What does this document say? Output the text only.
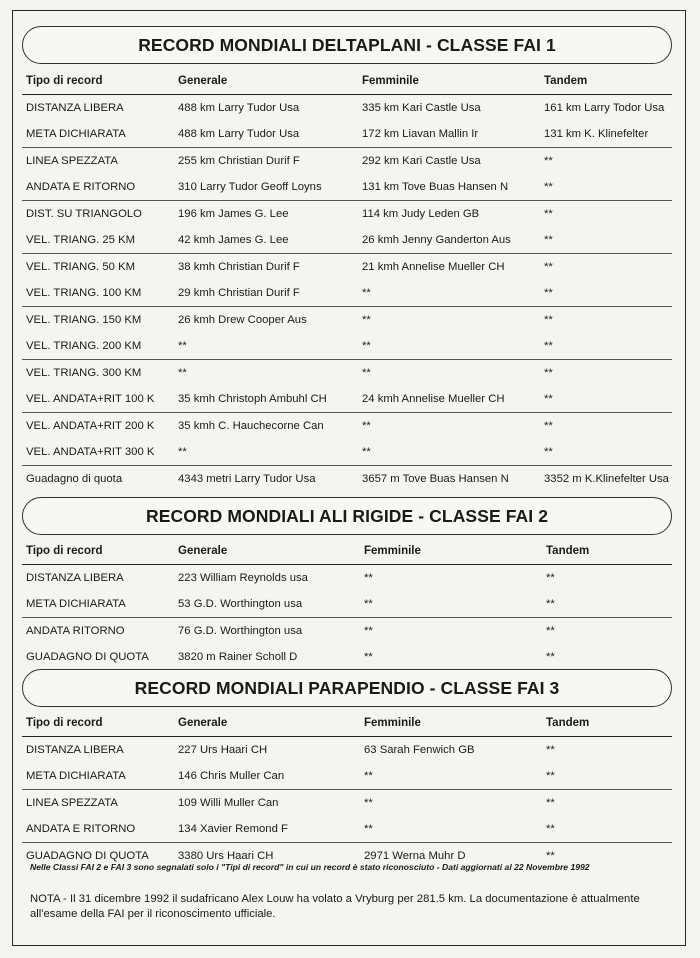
RECORD MONDIALI DELTAPLANI - CLASSE FAI 1
Tipo di record	Generale	Femminile	Tandem
DISTANZA LIBERA	488 km Larry Tudor Usa	335 km Kari Castle Usa	161 km Larry Todor Usa
META DICHIARATA	488 km Larry Tudor Usa	172 km Liavan Mallin Ir	131 km K. Klinefelter
LINEA SPEZZATA	255 km Christian Durif F	292 km Kari Castle Usa	**
ANDATA E RITORNO	310 Larry Tudor Geoff Loyns	131 km Tove Buas Hansen N	**
DIST. SU TRIANGOLO	196 km James G. Lee	114 km Judy Leden GB	**
VEL. TRIANG. 25 KM	42 kmh James G. Lee	26 kmh Jenny Ganderton Aus	**
VEL. TRIANG. 50 KM	38 kmh Christian Durif F	21 kmh Annelise Mueller CH	**
VEL. TRIANG. 100 KM	29 kmh Christian Durif F	**	**
VEL. TRIANG. 150 KM	26 kmh Drew Cooper Aus	**	**
VEL. TRIANG. 200 KM	**	**	**
VEL. TRIANG. 300 KM	**	**	**
VEL. ANDATA+RIT 100 K	35 kmh Christoph Ambuhl CH	24 kmh Annelise Mueller CH	**
VEL. ANDATA+RIT 200 K	35 kmh C. Hauchecorne Can	**	**
VEL. ANDATA+RIT 300 K	**	**	**
Guadagno di quota	4343 metri Larry Tudor Usa	3657 m Tove Buas Hansen N	3352 m K.Klinefelter Usa
RECORD MONDIALI ALI RIGIDE - CLASSE FAI 2
Tipo di record	Generale	Femminile	Tandem
DISTANZA LIBERA	223 William Reynolds usa	**	**
META DICHIARATA	53 G.D. Worthington usa	**	**
ANDATA RITORNO	76 G.D. Worthington usa	**	**
GUADAGNO DI QUOTA	3820 m Rainer Scholl D	**	**
RECORD MONDIALI PARAPENDIO - CLASSE FAI 3
Tipo di record	Generale	Femminile	Tandem
DISTANZA LIBERA	227 Urs Haari CH	63 Sarah Fenwich GB	**
META DICHIARATA	146 Chris Muller Can	**	**
LINEA SPEZZATA	109 Willi Muller Can	**	**
ANDATA E RITORNO	134 Xavier Remond F	**	**
GUADAGNO DI QUOTA	3380 Urs Haari CH	2971 Werna Muhr D	**
Nelle Classi FAI 2 e FAI 3 sono segnalati solo i "Tipi di record" in cui un record è stato riconosciuto - Dati aggiornati al 22 Novembre 1992
NOTA - Il 31 dicembre 1992 il sudafricano Alex Louw ha volato a Vryburg per 281.5 km. La documentazione è attualmente all'esame della FAI per il riconoscimento ufficiale.
